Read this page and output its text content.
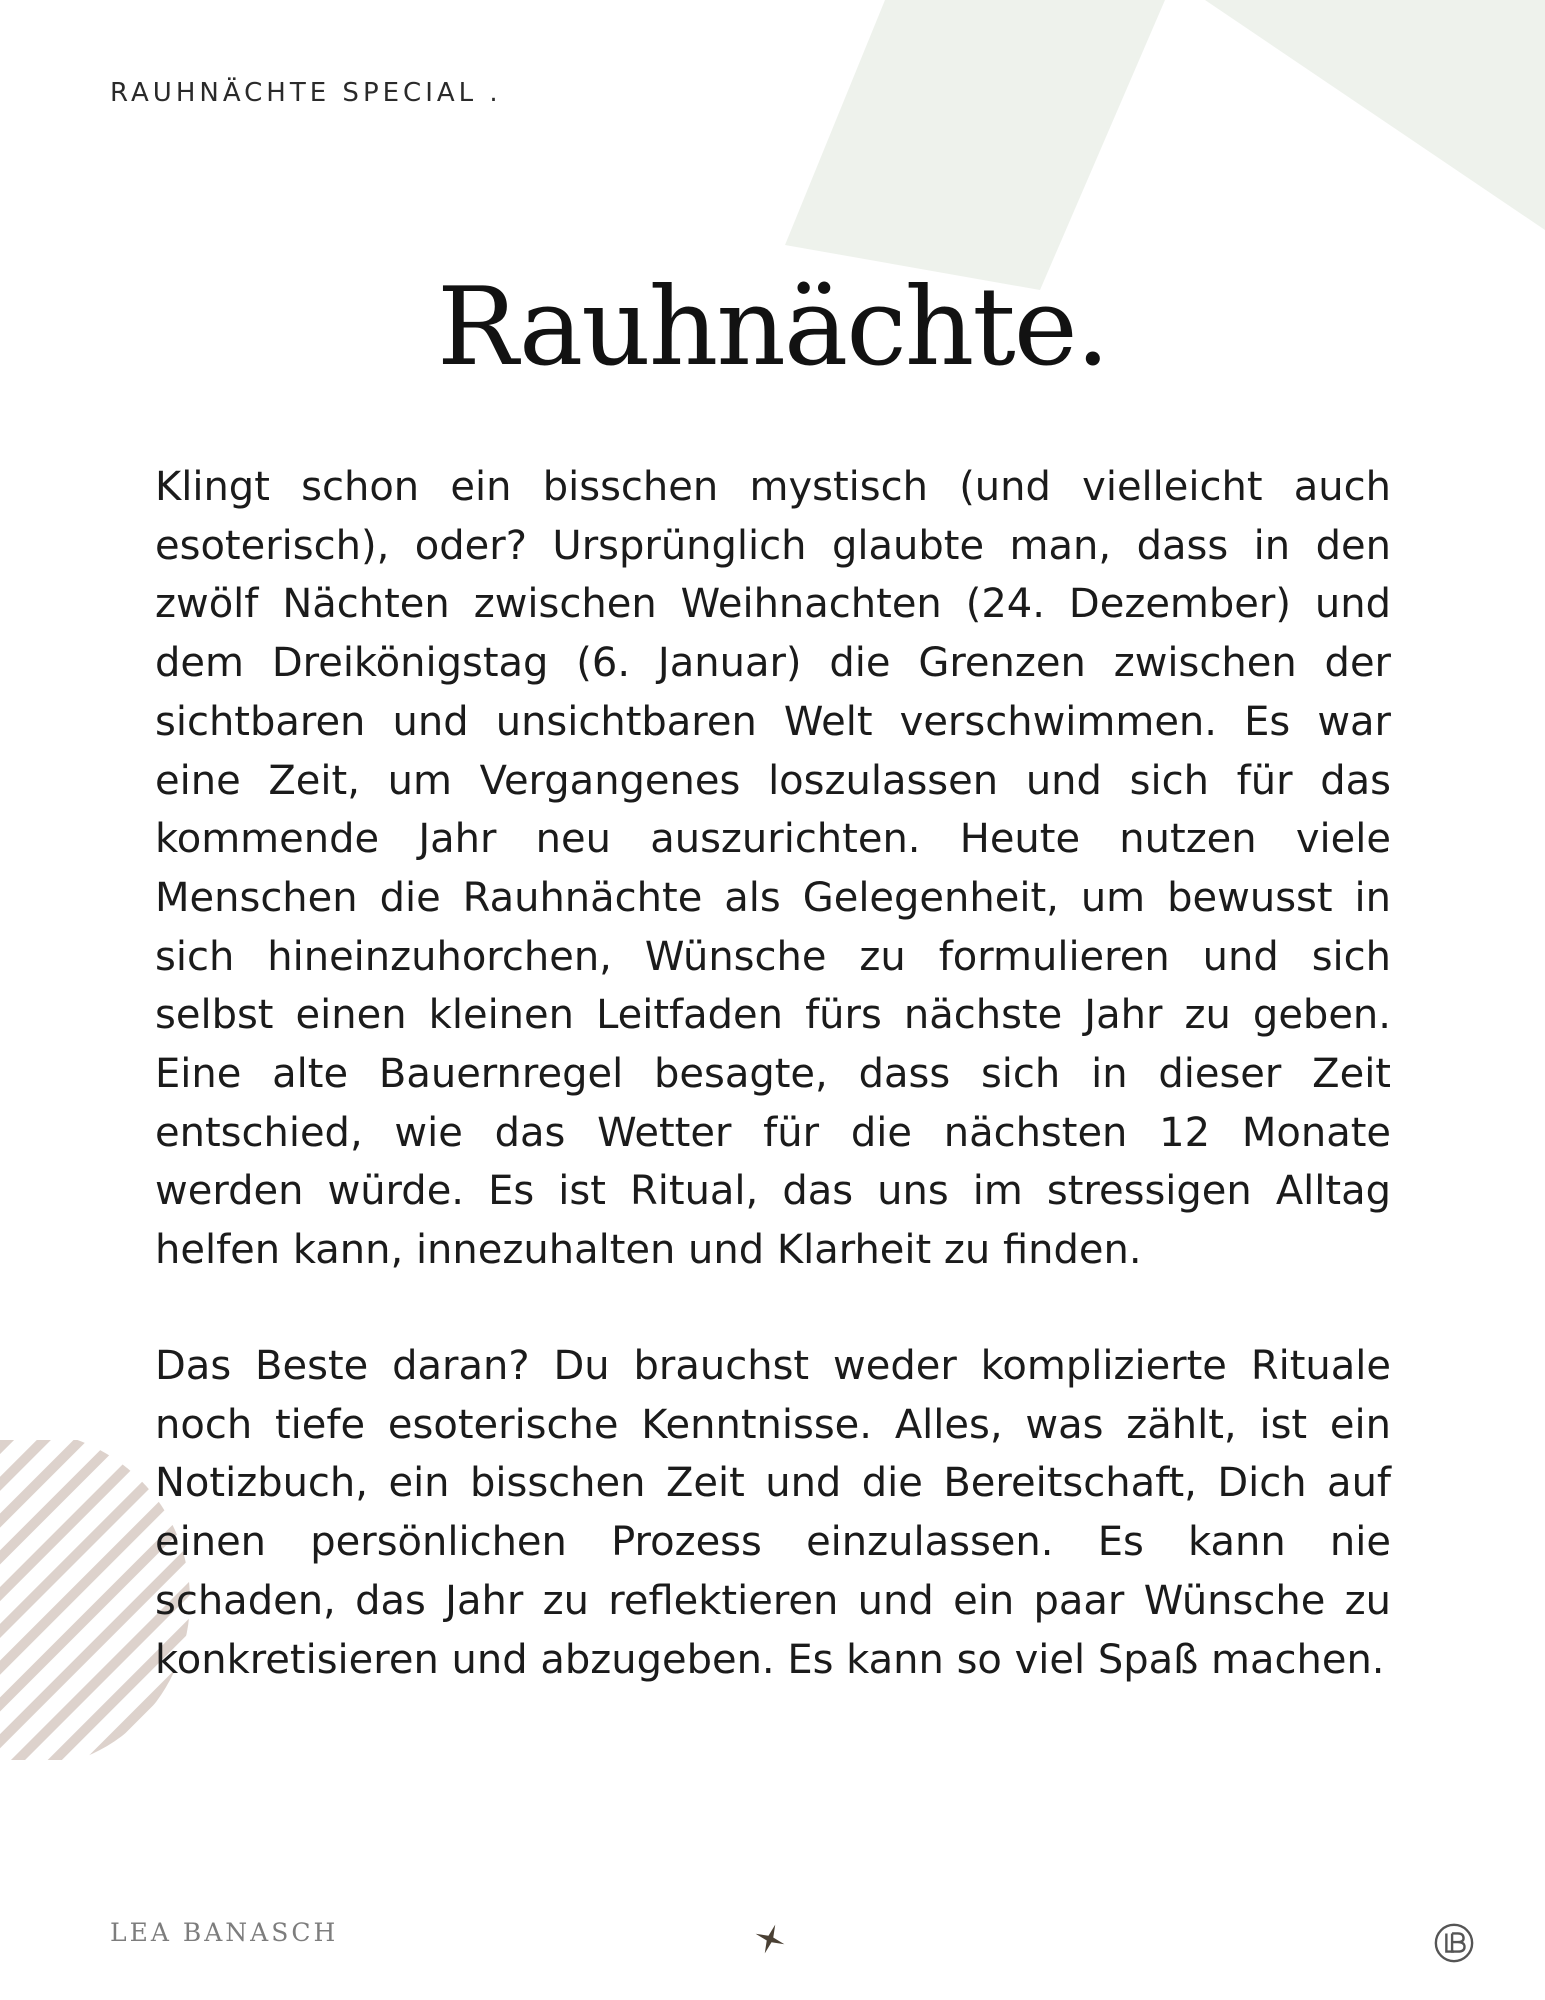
RAUHNÄCHTE SPECIAL .
Rauhnächte.

Klingt schon ein bisschen mystisch (und vielleicht auch esoterisch), oder? Ursprünglich glaubte man, dass in den zwölf Nächten zwischen Weihnachten (24. Dezember) und dem Dreikönigstag (6. Januar) die Grenzen zwischen der sichtbaren und unsichtbaren Welt verschwimmen. Es war eine Zeit, um Vergangenes loszulassen und sich für das kommende Jahr neu auszurichten. Heute nutzen viele Menschen die Rauhnächte als Gelegenheit, um bewusst in sich hineinzuhorchen, Wünsche zu formulieren und sich selbst einen kleinen Leitfaden fürs nächste Jahr zu geben. Eine alte Bauernregel besagte, dass sich in dieser Zeit entschied, wie das Wetter für die nächsten 12 Monate werden würde. Es ist Ritual, das uns im stressigen Alltag helfen kann, innezuhalten und Klarheit zu finden.

Das Beste daran? Du brauchst weder komplizierte Rituale noch tiefe esoterische Kenntnisse. Alles, was zählt, ist ein Notizbuch, ein bisschen Zeit und die Bereitschaft, Dich auf einen persönlichen Prozess einzulassen. Es kann nie schaden, das Jahr zu reflektieren und ein paar Wünsche zu konkretisieren und abzugeben. Es kann so viel Spaß machen.

LEA BANASCH
